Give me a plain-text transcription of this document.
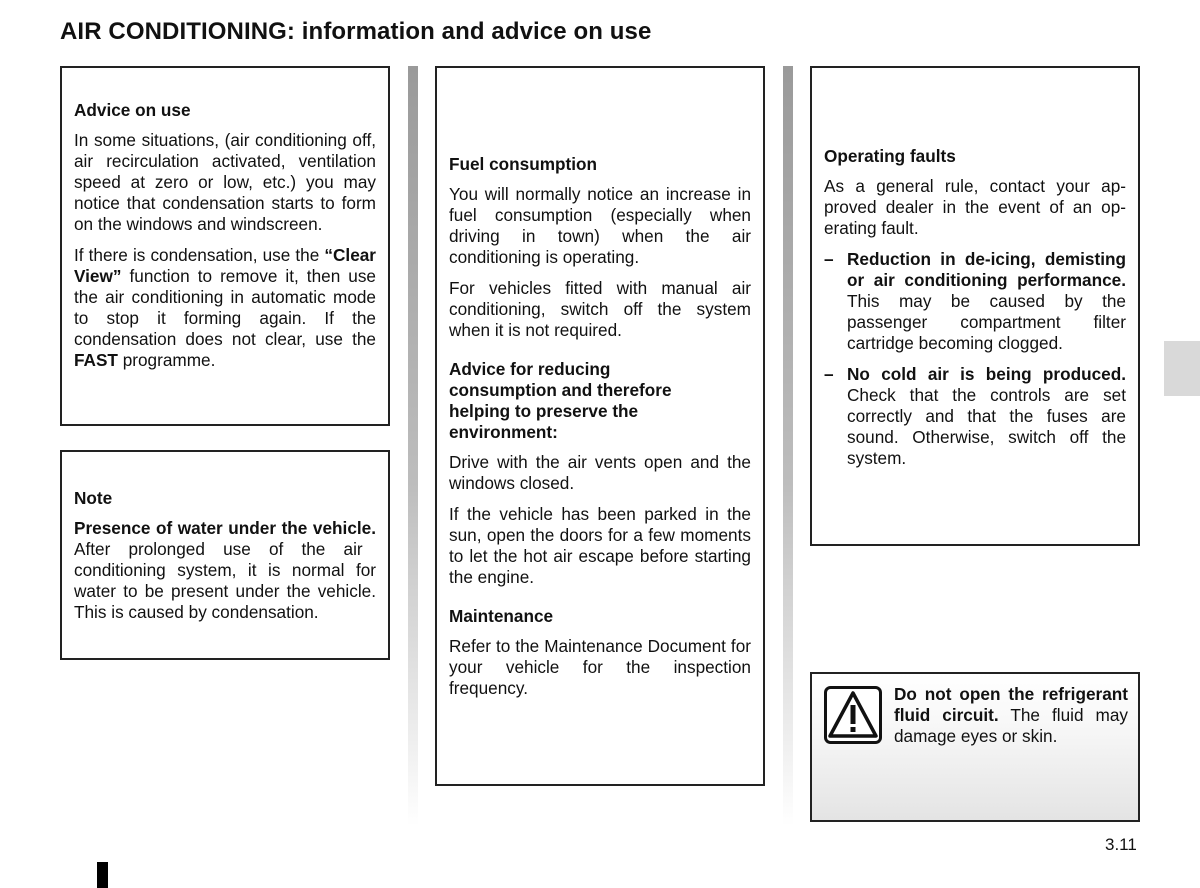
AIR CONDITIONING: information and advice on use
Advice on use

In some situations, (air conditioning off, air recirculation activated, ventilation speed at zero or low, etc.) you may notice that condensation starts to form on the windows and windscreen.

If there is condensation, use the “Clear View” function to remove it, then use the air conditioning in automatic mode to stop it forming again. If the condensation does not clear, use the FAST programme.

Note

Presence of water under the vehicle. After prolonged use of the air conditioning system, it is normal for water to be present under the vehicle. This is caused by condensation.

Fuel consumption

You will normally notice an increase in fuel consumption (especially when driving in town) when the air conditioning is operating.

For vehicles fitted with manual air conditioning, switch off the system when it is not required.

Advice for reducing consumption and therefore helping to preserve the environment:

Drive with the air vents open and the windows closed.

If the vehicle has been parked in the sun, open the doors for a few moments to let the hot air escape before starting the engine.

Maintenance

Refer to the Maintenance Document for your vehicle for the inspection frequency.

Operating faults

As a general rule, contact your approved dealer in the event of an operating fault.

– Reduction in de-icing, demisting or air conditioning performance. This may be caused by the passenger compartment filter cartridge becoming clogged.
– No cold air is being produced. Check that the controls are set correctly and that the fuses are sound. Otherwise, switch off the system.
Do not open the refrigerant fluid circuit. The fluid may damage eyes or skin.
3.11
